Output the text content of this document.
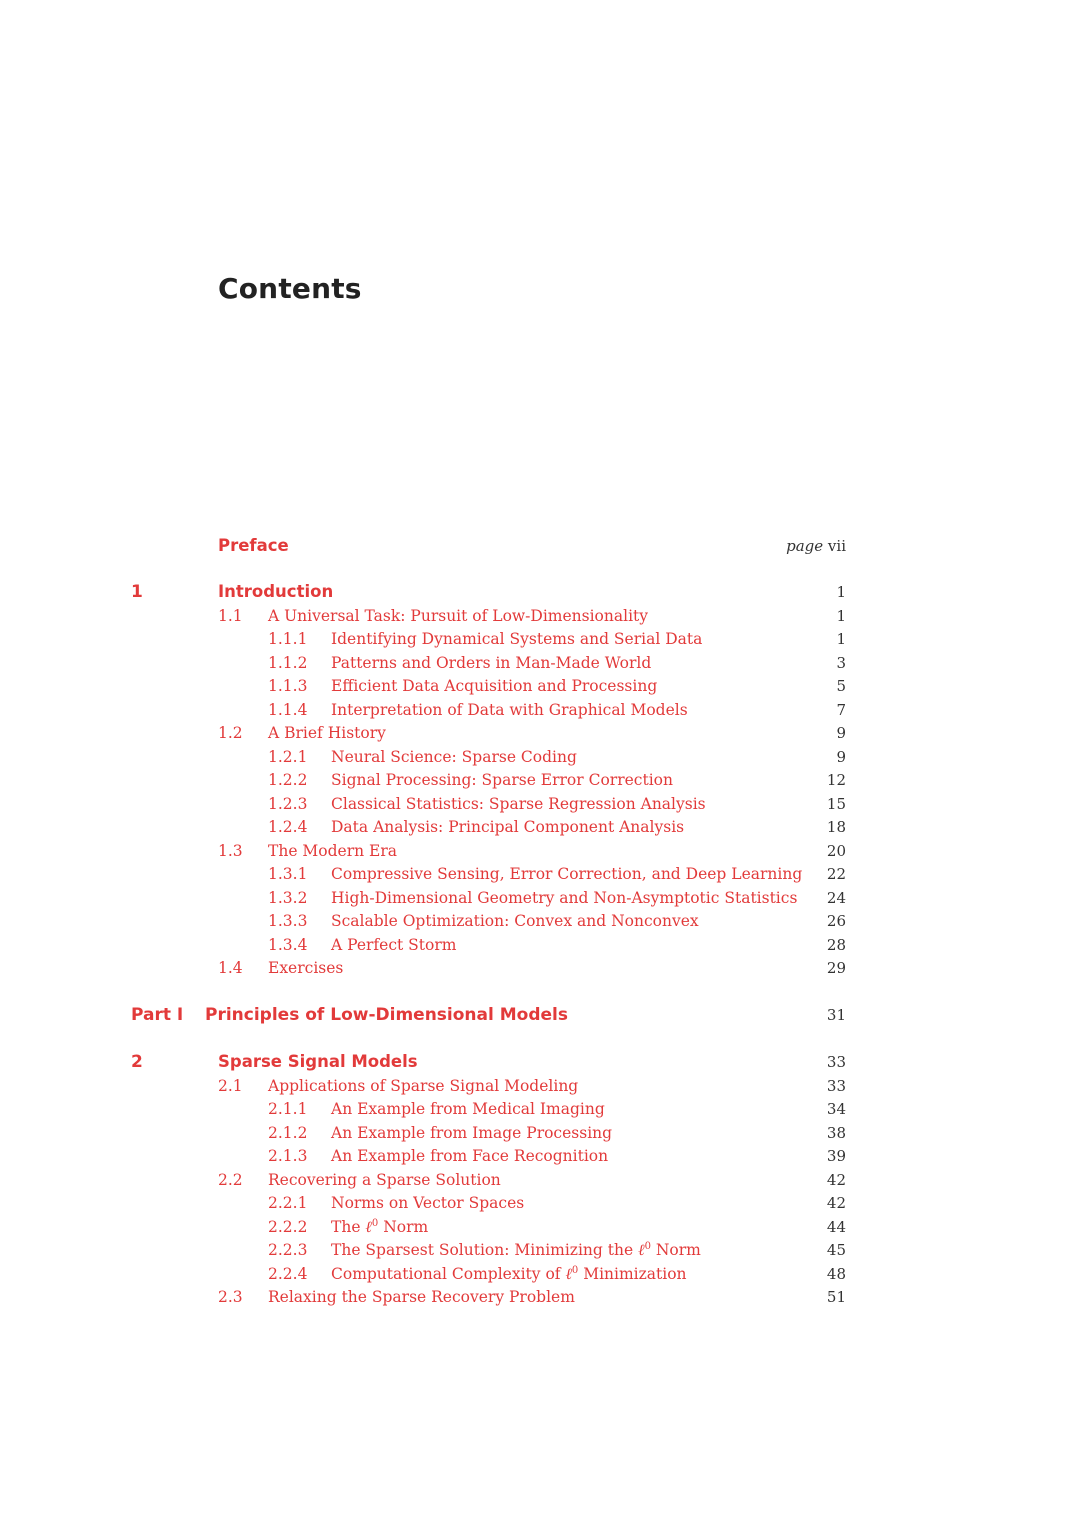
Contents
Preface	page vii
1	Introduction	1
1.1 A Universal Task: Pursuit of Low-Dimensionality	1
1.1.1 Identifying Dynamical Systems and Serial Data	1
1.1.2 Patterns and Orders in Man-Made World	3
1.1.3 Efficient Data Acquisition and Processing	5
1.1.4 Interpretation of Data with Graphical Models	7
1.2 A Brief History	9
1.2.1 Neural Science: Sparse Coding	9
1.2.2 Signal Processing: Sparse Error Correction	12
1.2.3 Classical Statistics: Sparse Regression Analysis	15
1.2.4 Data Analysis: Principal Component Analysis	18
1.3 The Modern Era	20
1.3.1 Compressive Sensing, Error Correction, and Deep Learning 22
1.3.2 High-Dimensional Geometry and Non-Asymptotic Statistics 24
1.3.3 Scalable Optimization: Convex and Nonconvex	26
1.3.4 A Perfect Storm	28
1.4 Exercises	29
Part I Principles of Low-Dimensional Models	31
2	Sparse Signal Models	33
2.1 Applications of Sparse Signal Modeling	33
2.1.1 An Example from Medical Imaging	34
2.1.2 An Example from Image Processing	38
2.1.3 An Example from Face Recognition	39
2.2 Recovering a Sparse Solution	42
2.2.1 Norms on Vector Spaces	42
2.2.2 The ℓ$^0$ Norm	44
2.2.3 The Sparsest Solution: Minimizing the ℓ$^0$ Norm	45
2.2.4 Computational Complexity of ℓ$^0$ Minimization	48
2.3 Relaxing the Sparse Recovery Problem	51
